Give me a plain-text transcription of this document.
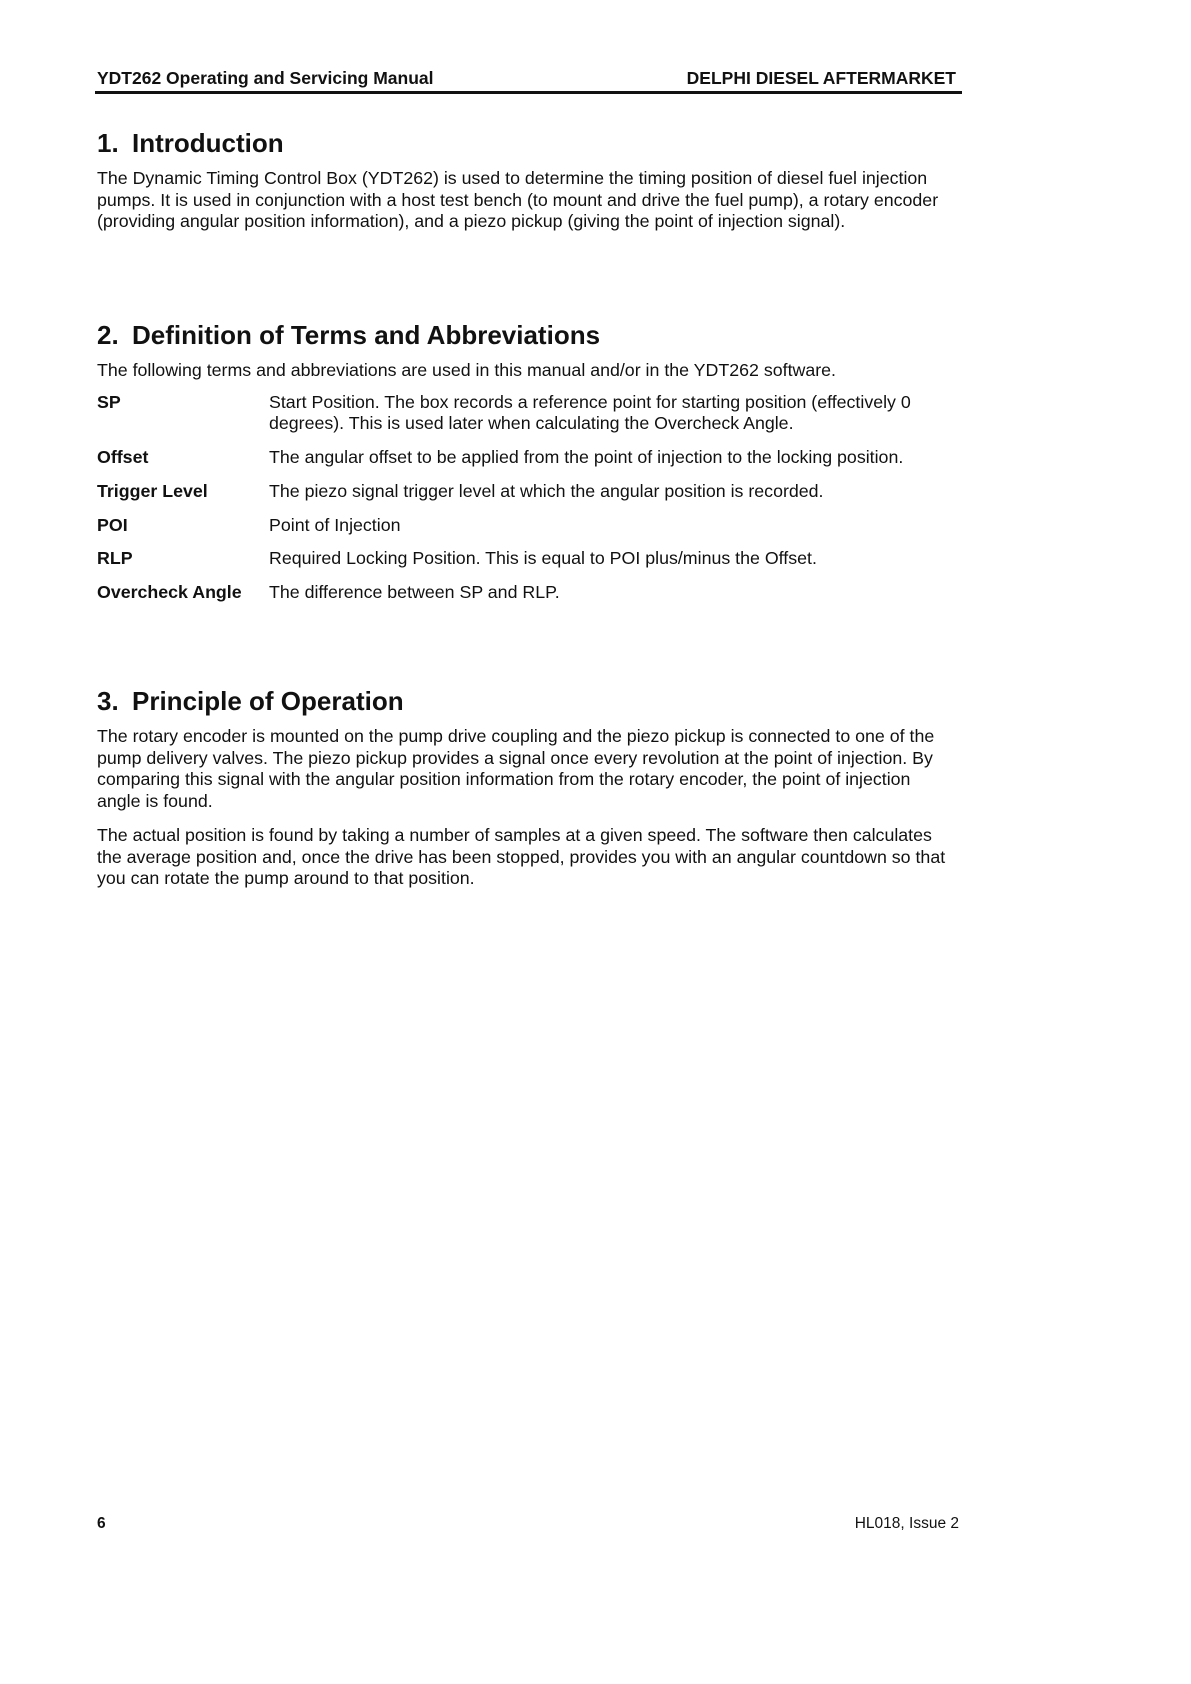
YDT262 Operating and Servicing Manual	DELPHI DIESEL AFTERMARKET
1. Introduction

The Dynamic Timing Control Box (YDT262) is used to determine the timing position of diesel fuel injection pumps. It is used in conjunction with a host test bench (to mount and drive the fuel pump), a rotary encoder (providing angular position information), and a piezo pickup (giving the point of injection signal).

2. Definition of Terms and Abbreviations

The following terms and abbreviations are used in this manual and/or in the YDT262 software.

SP	Start Position. The box records a reference point for starting position (effectively 0 degrees). This is used later when calculating the Overcheck Angle.
Offset	The angular offset to be applied from the point of injection to the locking position.
Trigger Level	The piezo signal trigger level at which the angular position is recorded.
POI	Point of Injection
RLP	Required Locking Position. This is equal to POI plus/minus the Offset.
Overcheck Angle	The difference between SP and RLP.
3. Principle of Operation

The rotary encoder is mounted on the pump drive coupling and the piezo pickup is connected to one of the pump delivery valves. The piezo pickup provides a signal once every revolution at the point of injection. By comparing this signal with the angular position information from the rotary encoder, the point of injection angle is found.

The actual position is found by taking a number of samples at a given speed. The software then calculates the average position and, once the drive has been stopped, provides you with an angular countdown so that you can rotate the pump around to that position.

6	HL018, Issue 2
